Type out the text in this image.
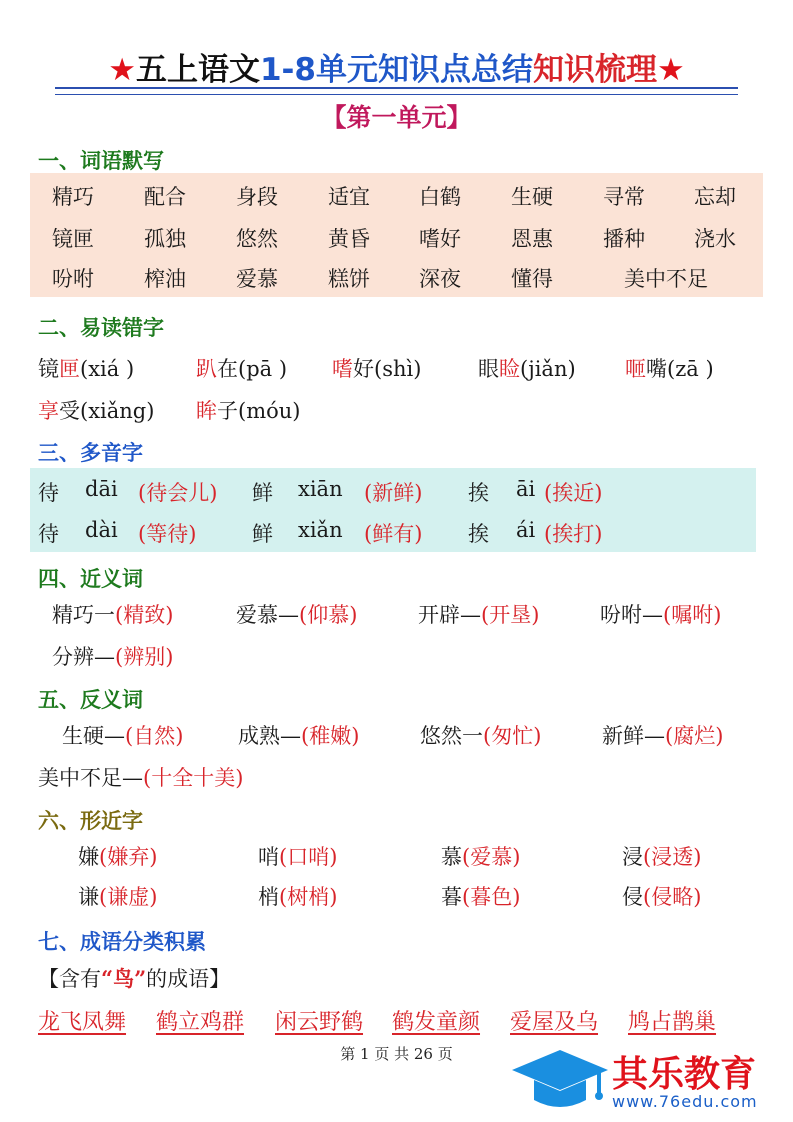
★五上语文1-8单元知识点总结知识梳理★
【第一单元】
一、词语默写
精巧 配合 身段 适宜 白鹤 生硬 寻常 忘却
镜匣 孤独 悠然 黄昏 嗜好 恩惠 播种 浇水
吩咐 榨油 爱慕 糕饼 深夜 懂得	美中不足
二、易读错字
镜匣(xiá )	趴在(pā ) 嗜好(shì)	眼睑(jiǎn) 咂嘴(zā )
享受(xiǎng) 眸子(móu)
三、多音字
待 dāi (待会儿) 鲜 xiān (新鲜) 挨 āi (挨近)
待 dài (等待)	鲜 xiǎn (鲜有) 挨 ái (挨打)
四、近义词
精巧一(精致)	爱慕—(仰慕)	开辟—(开垦)	吩咐—(嘱咐)
分辨—(辨别)
五、反义词
生硬—(自然)	成熟—(稚嫩)	悠然一(匆忙)	新鲜—(腐烂)
美中不足—(十全十美)
六、形近字
嫌(嫌弃)	哨(口哨)	慕(爱慕)	浸(浸透)
谦(谦虚)	梢(树梢)	暮(暮色)	侵(侵略)
七、成语分类积累
【含有“鸟”的成语】
龙飞凤舞 鹤立鸡群 闲云野鹤 鹤发童颜 爱屋及乌 鸠占鹊巢
第 1 页 共 26 页	其乐教育
www.76edu.com
